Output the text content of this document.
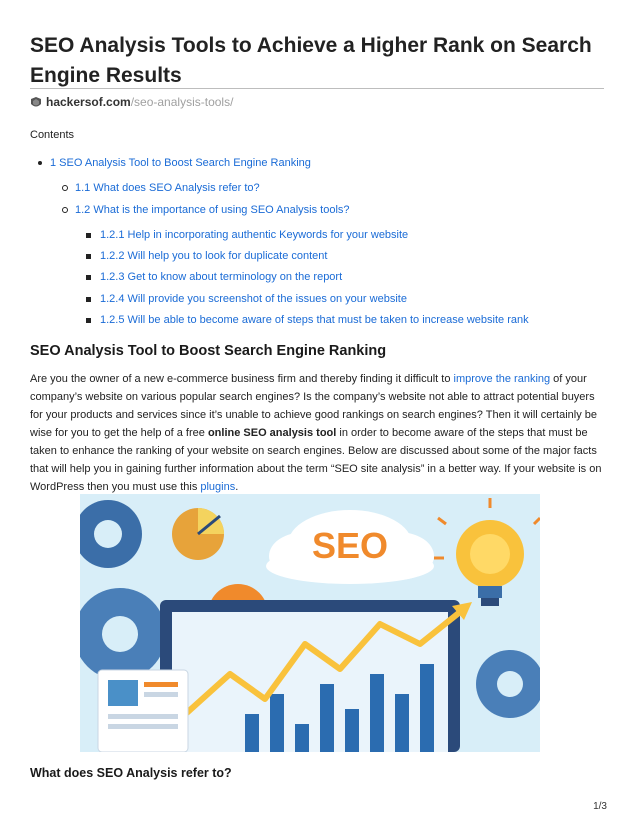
SEO Analysis Tools to Achieve a Higher Rank on Search Engine Results
hackersof.com /seo-analysis-tools/
Contents
1 SEO Analysis Tool to Boost Search Engine Ranking
1.1 What does SEO Analysis refer to?
1.2 What is the importance of using SEO Analysis tools?
1.2.1 Help in incorporating authentic Keywords for your website
1.2.2 Will help you to look for duplicate content
1.2.3 Get to know about terminology on the report
1.2.4 Will provide you screenshot of the issues on your website
1.2.5 Will be able to become aware of steps that must be taken to increase website rank
SEO Analysis Tool to Boost Search Engine Ranking

Are you the owner of a new e-commerce business firm and thereby finding it difficult to improve the ranking of your company’s website on various popular search engines? Is the company’s website not able to attract potential buyers for your products and services since it’s unable to achieve good rankings on search engines? Then it will certainly be wise for you to get the help of a free online SEO analysis tool in order to become aware of the steps that must be taken to enhance the ranking of your website on search engines. Below are discussed about some of the major facts that will help you in gaining further information about the term “SEO site analysis” in a better way. If your website is on WordPress then you must use this plugins.

SEO
What does SEO Analysis refer to?
1/3
